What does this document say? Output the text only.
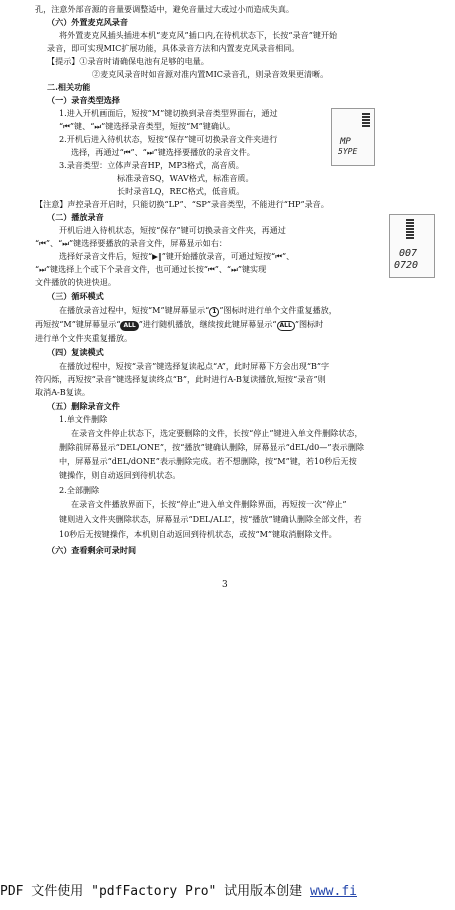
孔，注意外部音源的音量要调整适中，避免音量过大或过小而造成失真。
（六）外置麦克风录音
将外置麦克风插头插进本机“麦克风”插口内,在待机状态下，长按“录音”键开始
录音，即可实现MIC扩展功能，具体录音方法和内置麦克风录音相同。
【提示】①录音时请确保电池有足够的电量。
②麦克风录音时如音源对准内置MIC录音孔，则录音效果更清晰。
二.相关功能
（一）录音类型选择
1.进入开机画面后，短按“M”键切换到录音类型界面右，通过
“⏮”键、“⏭”键选择录音类型，短按“M”键确认。
2.开机后进入待机状态，短按“保存”键可切换录音文件夹进行
选择，再通过“⏮”、“⏭”键选择要播放的录音文件。
3.录音类型：立体声录音HP，MP3格式，高音质。
标准录音SQ，WAV格式，标准音质。
长时录音LQ，REC格式，低音质。
MP
5YPE
【注意】声控录音开启时，只能切换“LP”、“SP”录音类型，不能进行“HP”录音。
（二）播放录音
开机后进入待机状态，短按“保存”键可切换录音文件夹，再通过
“⏮”、“⏭”键选择要播放的录音文件，屏幕显示如右：
选择好录音文件后，短按“▶‖”键开始播放录音，可通过短按“⏮”、
“⏭”键选择上个或下个录音文件，也可通过长按“⏮”、“⏭”键实现
文件播放的快进快退。
007
0720
（三）循环模式
在播放录音过程中，短按“M”键屏幕显示“ 1 ”图标时进行单个文件重复播放，
再短按“M”键屏幕显示“ ALL ”进行随机播放，继续按此键屏幕显示“ ALL ”图标时
进行单个文件夹重复播放。
（四）复读模式
在播放过程中，短按“录音”键选择复读起点“A”，此时屏幕下方会出现“B”字
符闪烁，再短按“录音”键选择复读终点“B”，此时进行A-B复读播放,短按“录音”则
取消A-B复读。
（五）删除录音文件
1.单文件删除
在录音文件停止状态下，选定要删除的文件，长按“停止”键进入单文件删除状态，
删除前屏幕显示“DEL/ONE”，按“播放”键确认删除，屏幕显示“dEL/d0—”表示删除
中，屏幕显示“dEL/dONE”表示删除完成。若不想删除，按“M”键，若10秒后无按
键操作，则自动返回到待机状态。
2.全部删除
在录音文件播放界面下，长按“停止”进入单文件删除界面，再短按一次“停止”
键则进入文件夹删除状态，屏幕显示“DEL/ALL”，按“播放”键确认删除全部文件，若
10秒后无按键操作，本机则自动返回到待机状态，或按“M”键取消删除文件。
（六）查看剩余可录时间
3
PDF 文件使用 "pdfFactory Pro" 试用版本创建 www.fi
